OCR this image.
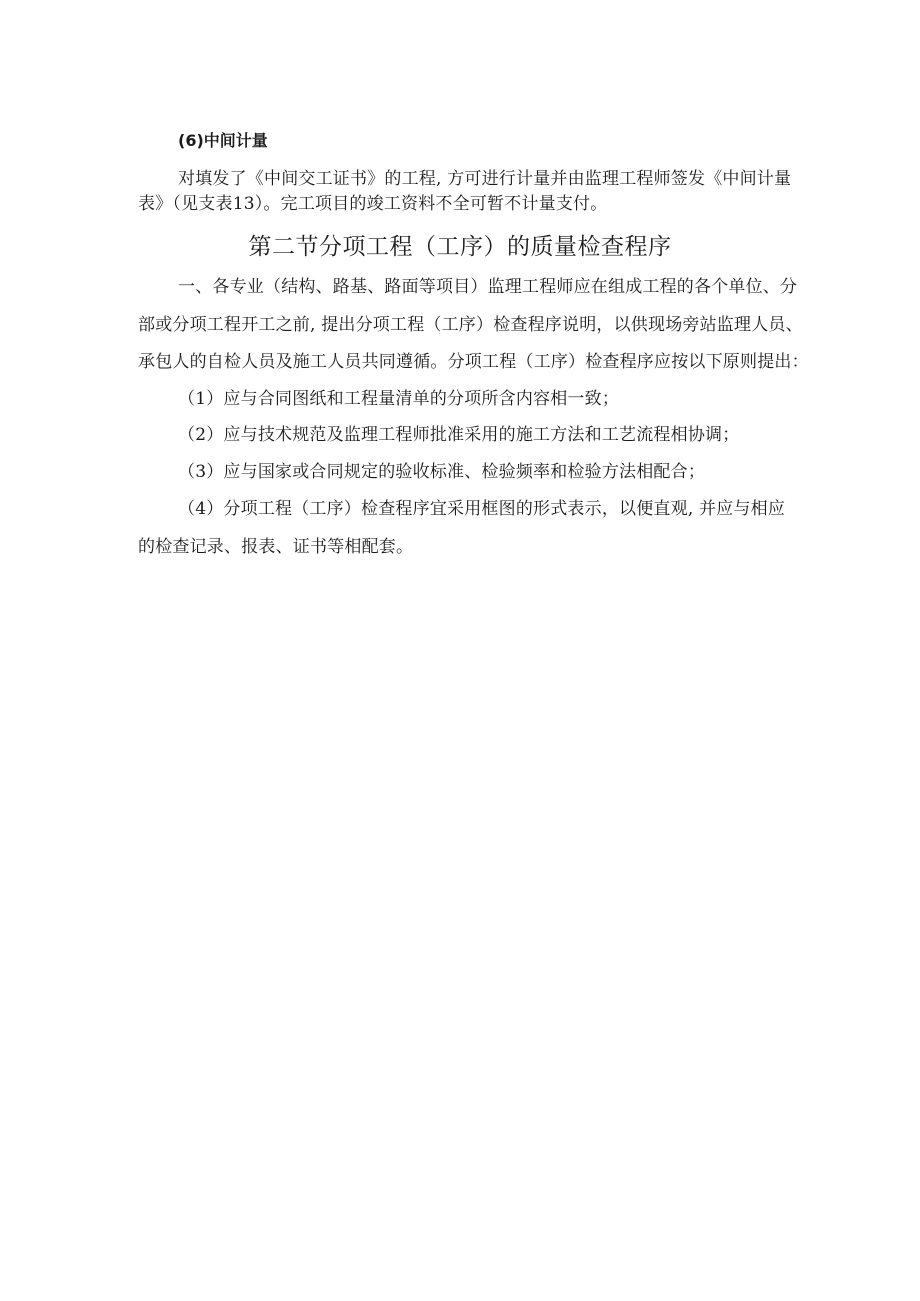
(6)中间计量
对填发了《中间交工证书》的工程, 方可进行计量并由监理工程师签发《中间计量
表》（见支表13）。完工项目的竣工资料不全可暂不计量支付。
第二节分项工程（工序）的质量检查程序
一、各专业（结构、路基、路面等项目）监理工程师应在组成工程的各个单位、分
部或分项工程开工之前, 提出分项工程（工序）检查程序说明，以供现场旁站监理人员、
承包人的自检人员及施工人员共同遵循。分项工程（工序）检查程序应按以下原则提出：
（1）应与合同图纸和工程量清单的分项所含内容相一致；
（2）应与技术规范及监理工程师批准采用的施工方法和工艺流程相协调；
（3）应与国家或合同规定的验收标准、检验频率和检验方法相配合；
（4）分项工程（工序）检查程序宜采用框图的形式表示，以便直观, 并应与相应
的检查记录、报表、证书等相配套。
